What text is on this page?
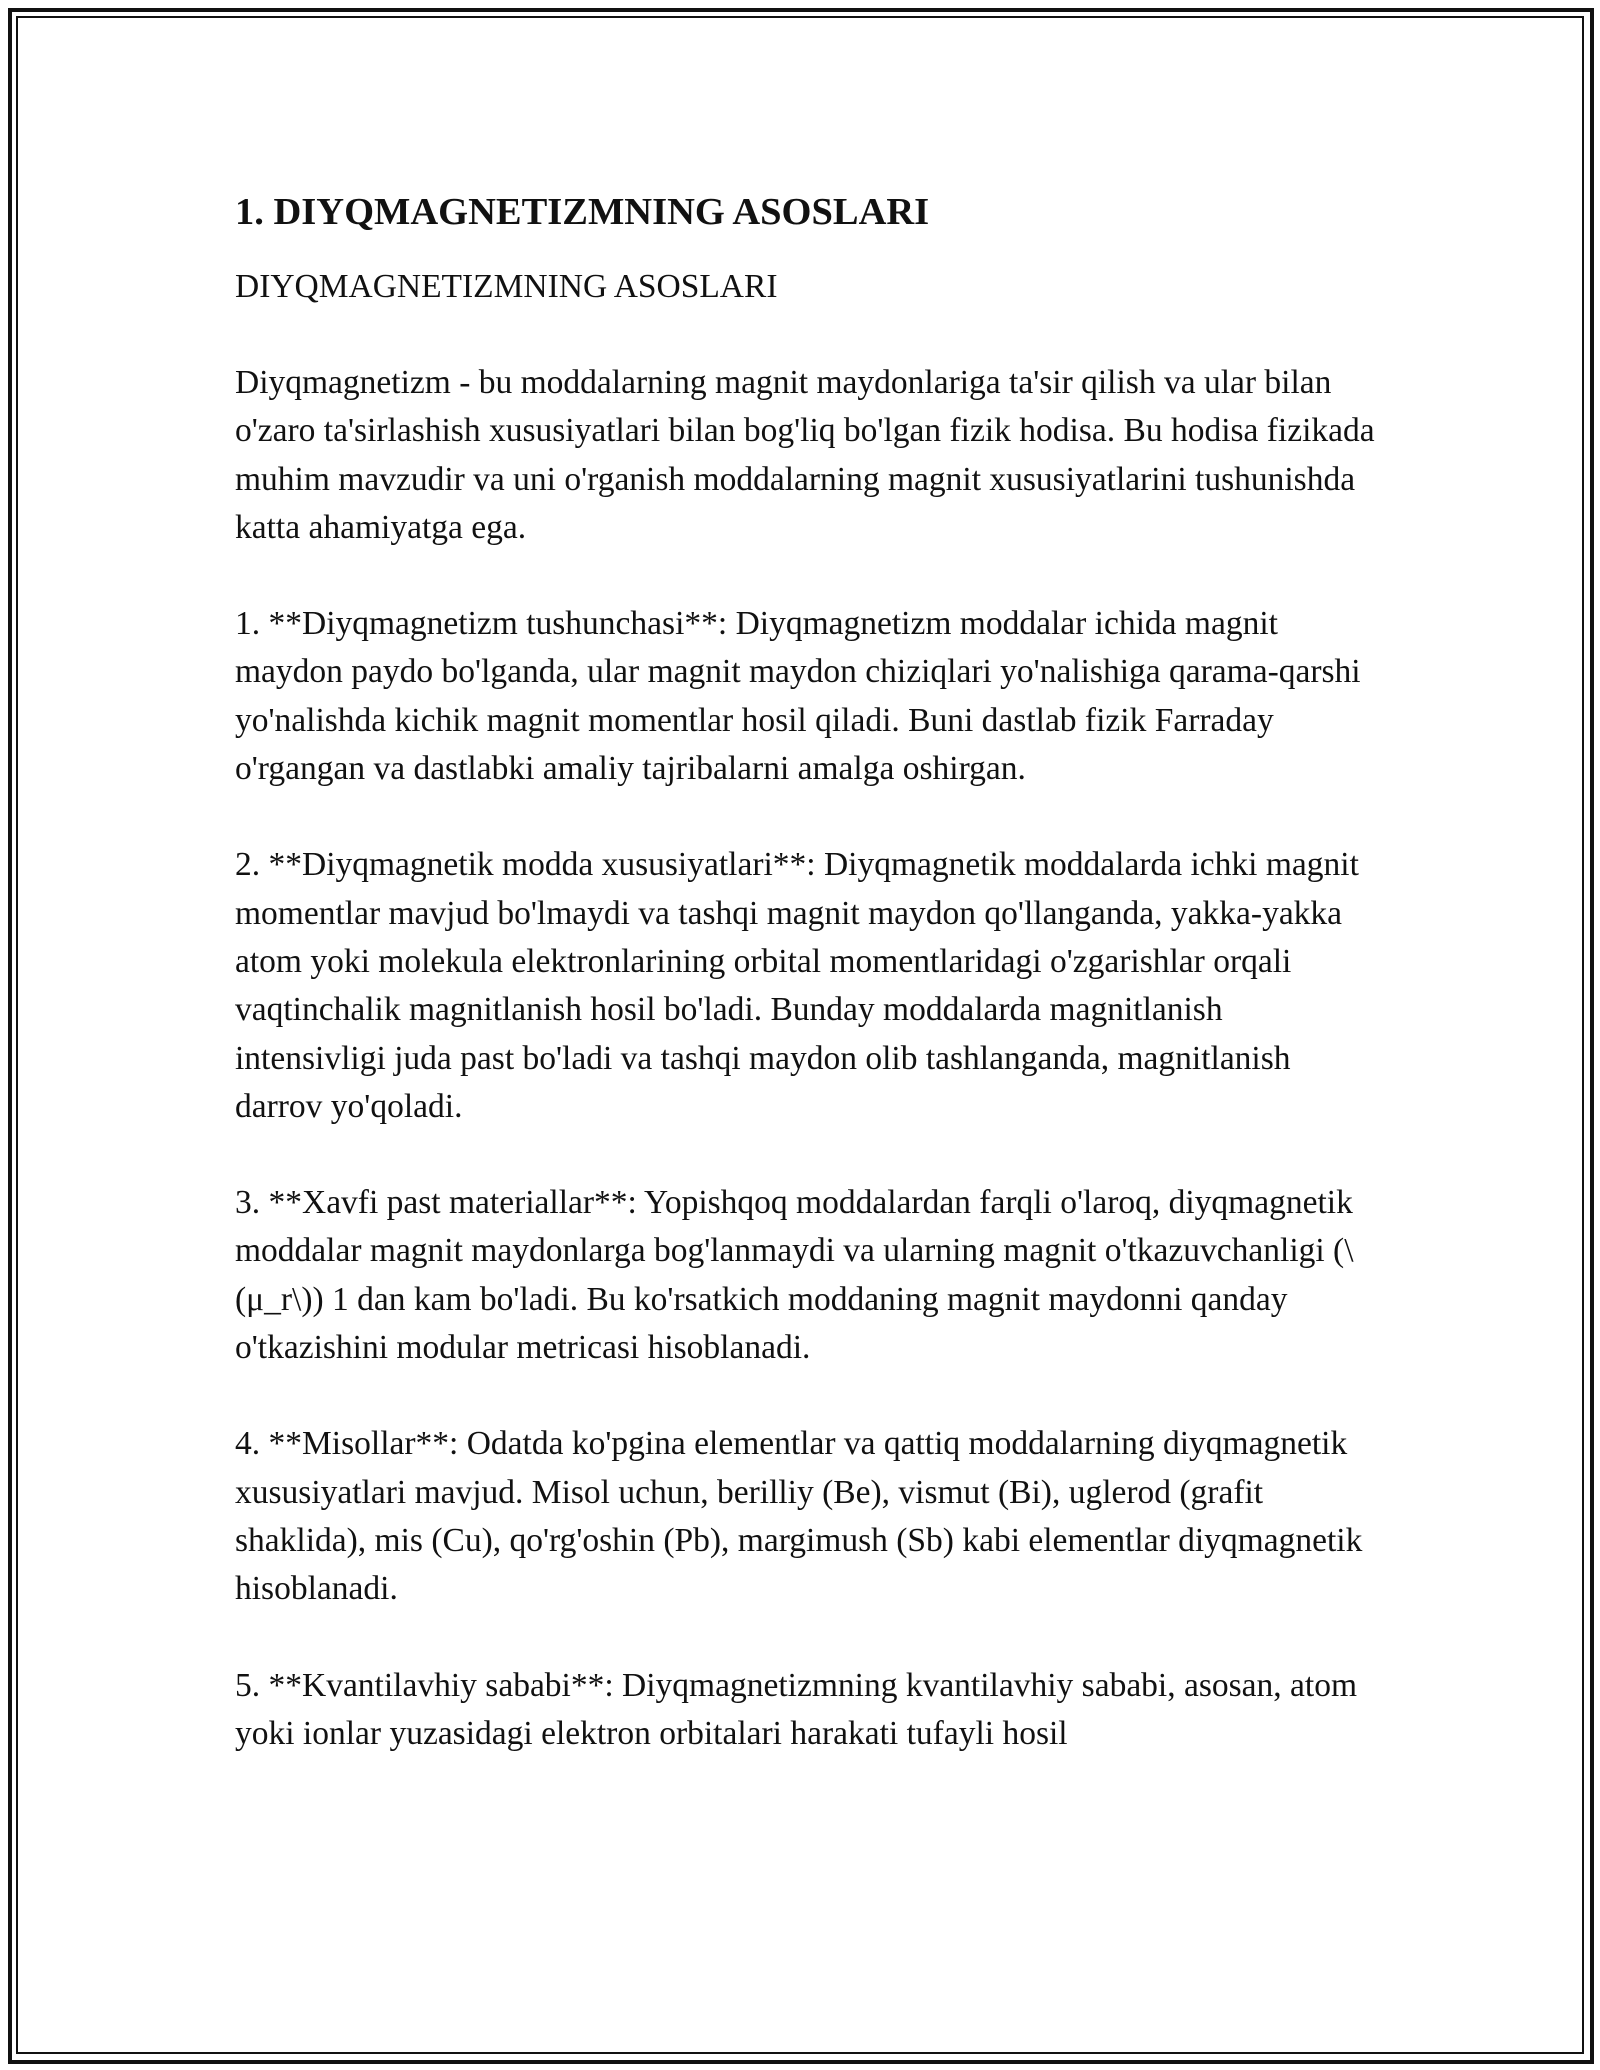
1. DIYQMAGNETIZMNING ASOSLARI
DIYQMAGNETIZMNING ASOSLARI

Diyqmagnetizm - bu moddalarning magnit maydonlariga ta'sir qilish va ular bilan o'zaro ta'sirlashish xususiyatlari bilan bog'liq bo'lgan fizik hodisa. Bu hodisa fizikada muhim mavzudir va uni o'rganish moddalarning magnit xususiyatlarini tushunishda katta ahamiyatga ega.

1. **Diyqmagnetizm tushunchasi**: Diyqmagnetizm moddalar ichida magnit maydon paydo bo'lganda, ular magnit maydon chiziqlari yo'nalishiga qarama-qarshi yo'nalishda kichik magnit momentlar hosil qiladi. Buni dastlab fizik Farraday o'rgangan va dastlabki amaliy tajribalarni amalga oshirgan.

2. **Diyqmagnetik modda xususiyatlari**: Diyqmagnetik moddalarda ichki magnit momentlar mavjud bo'lmaydi va tashqi magnit maydon qo'llanganda, yakka-yakka atom yoki molekula elektronlarining orbital momentlaridagi o'zgarishlar orqali vaqtinchalik magnitlanish hosil bo'ladi. Bunday moddalarda magnitlanish intensivligi juda past bo'ladi va tashqi maydon olib tashlanganda, magnitlanish darrov yo'qoladi.

3. **Xavfi past materiallar**: Yopishqoq moddalardan farqli o'laroq, diyqmagnetik moddalar magnit maydonlarga bog'lanmaydi va ularning magnit o'tkazuvchanligi (\(μ_r\)) 1 dan kam bo'ladi. Bu ko'rsatkich moddaning magnit maydonni qanday o'tkazishini modular metricasi hisoblanadi.

4. **Misollar**: Odatda ko'pgina elementlar va qattiq moddalarning diyqmagnetik xususiyatlari mavjud. Misol uchun, berilliy (Be), vismut (Bi), uglerod (grafit shaklida), mis (Cu), qo'rg'oshin (Pb), margimush (Sb) kabi elementlar diyqmagnetik hisoblanadi.

5. **Kvantilavhiy sababi**: Diyqmagnetizmning kvantilavhiy sababi, asosan, atom yoki ionlar yuzasidagi elektron orbitalari harakati tufayli hosil
